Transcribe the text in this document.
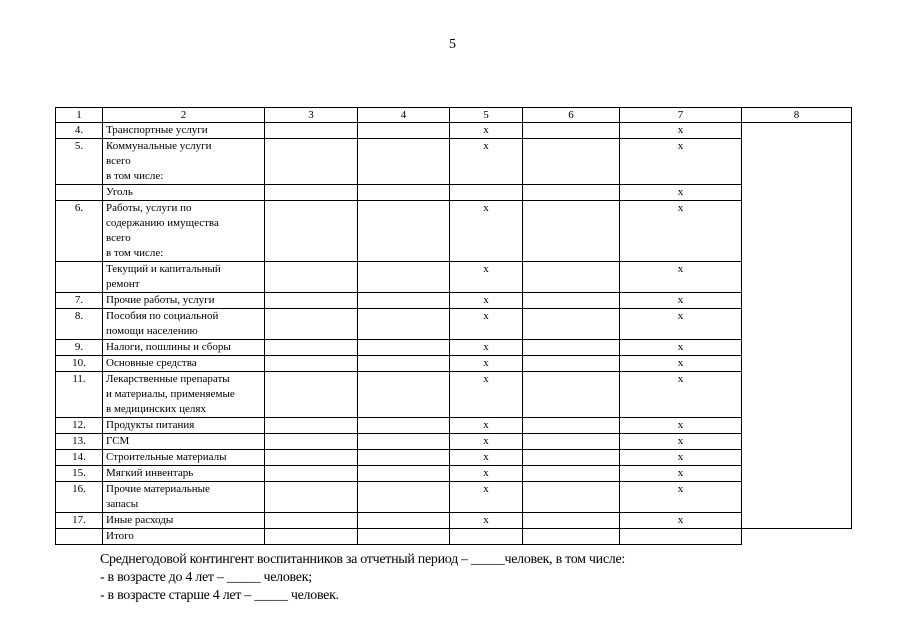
5
1	2	3	4	5	6	7	8
4.	Транспортные услуги			х		х	
5.	Коммунальные услуги
всего
в том числе:			х		х	
	Уголь					х	
6.	Работы, услуги по
содержанию имущества
всего
в том числе:			х		х	
	Текущий и капитальный
ремонт			х		х	
7.	Прочие работы, услуги			х		х	
8.	Пособия по социальной
помощи населению			х		х	
9.	Налоги, пошлины и сборы			х		х	
10.	Основные средства			х		х	
11.	Лекарственные препараты
и материалы, применяемые
в медицинских целях			х		х	
12.	Продукты питания			х		х	
13.	ГСМ			х		х	
14.	Строительные материалы			х		х	
15.	Мягкий инвентарь			х		х	
16.	Прочие материальные
запасы			х		х	
17.	Иные расходы			х		х	
	Итого						
Среднегодовой контингент воспитанников за отчетный период – _____человек, в том числе:
- в возрасте до 4 лет – _____ человек;
- в возрасте старше 4 лет – _____ человек.
